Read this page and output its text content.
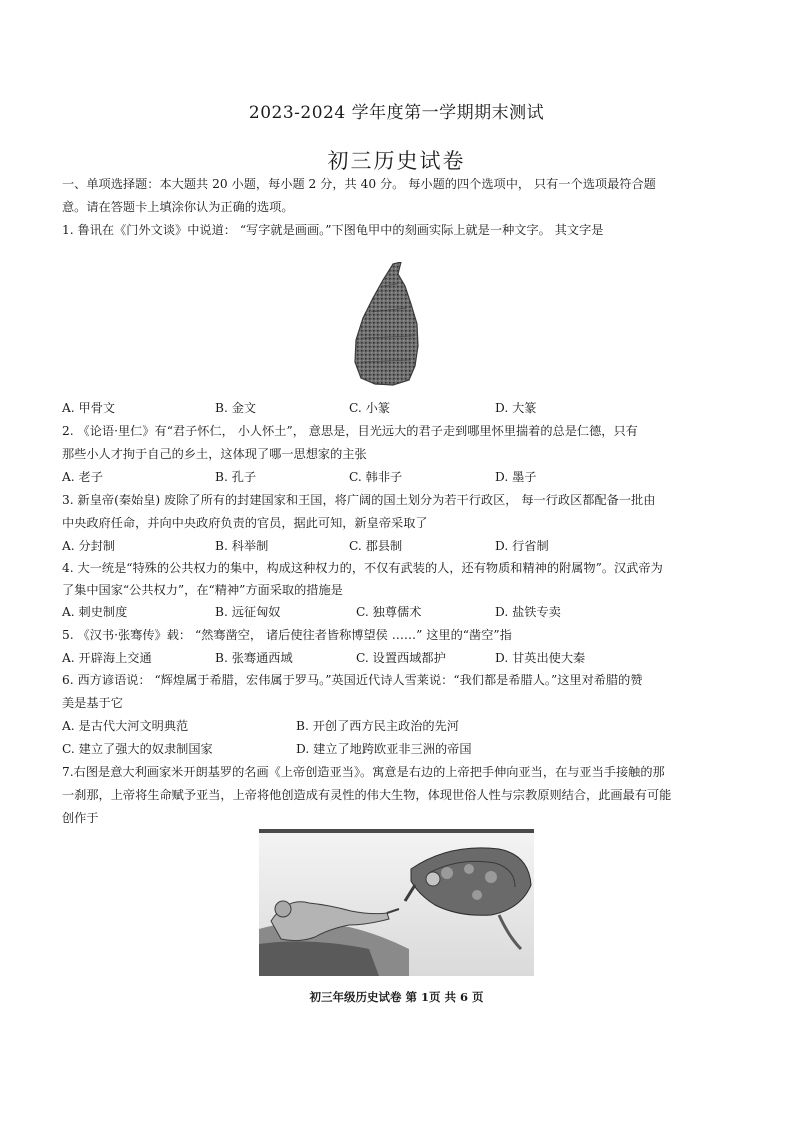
2023-2024 学年度第一学期期末测试
初三历史试卷
一、单项选择题：本大题共 20 小题，每小题 2 分，共 40 分。 每小题的四个选项中， 只有一个选项最符合题
意。请在答题卡上填涂你认为正确的选项。
1. 鲁讯在《门外文谈》中说道： “写字就是画画。”下图龟甲中的刻画实际上就是一种文字。 其文字是
A. 甲骨文	B. 金文	C. 小篆	D. 大篆
2. 《论语·里仁》有“君子怀仁， 小人怀土”， 意思是，目光远大的君子走到哪里怀里揣着的总是仁德，只有
那些小人才拘于自己的乡土，这体现了哪一思想家的主张
A. 老子	B. 孔子	C. 韩非子	D. 墨子
3. 新皇帝(秦始皇) 废除了所有的封建国家和王国，将广阔的国土划分为若干行政区， 每一行政区都配备一批由
中央政府任命，并向中央政府负责的官员，据此可知，新皇帝采取了
A. 分封制	B. 科举制	C. 郡县制	D. 行省制
4. 大一统是“特殊的公共权力的集中，构成这种权力的，不仅有武装的人，还有物质和精神的附属物”。汉武帝为
了集中国家“公共权力”，在“精神”方面采取的措施是
A. 刺史制度	B. 远征匈奴	C. 独尊儒术	D. 盐铁专卖
5. 《汉书·张骞传》载： “然骞凿空， 诸后使往者皆称博望侯 ……” 这里的“凿空”指
A. 开辟海上交通	B. 张骞通西域	C. 设置西域都护	D. 甘英出使大秦
6. 西方谚语说： “辉煌属于希腊，宏伟属于罗马。”英国近代诗人雪莱说：“我们都是希腊人。”这里对希腊的赞
美是基于它
A. 是古代大河文明典范	B. 开创了西方民主政治的先河
C. 建立了强大的奴隶制国家	D. 建立了地跨欧亚非三洲的帝国
7.右图是意大利画家米开朗基罗的名画《上帝创造亚当》。寓意是右边的上帝把手伸向亚当，在与亚当手接触的那
一刹那，上帝将生命赋予亚当，上帝将他创造成有灵性的伟大生物，体现世俗人性与宗教原则结合，此画最有可能
创作于
初三年级历史试卷 第 1页 共 6 页
